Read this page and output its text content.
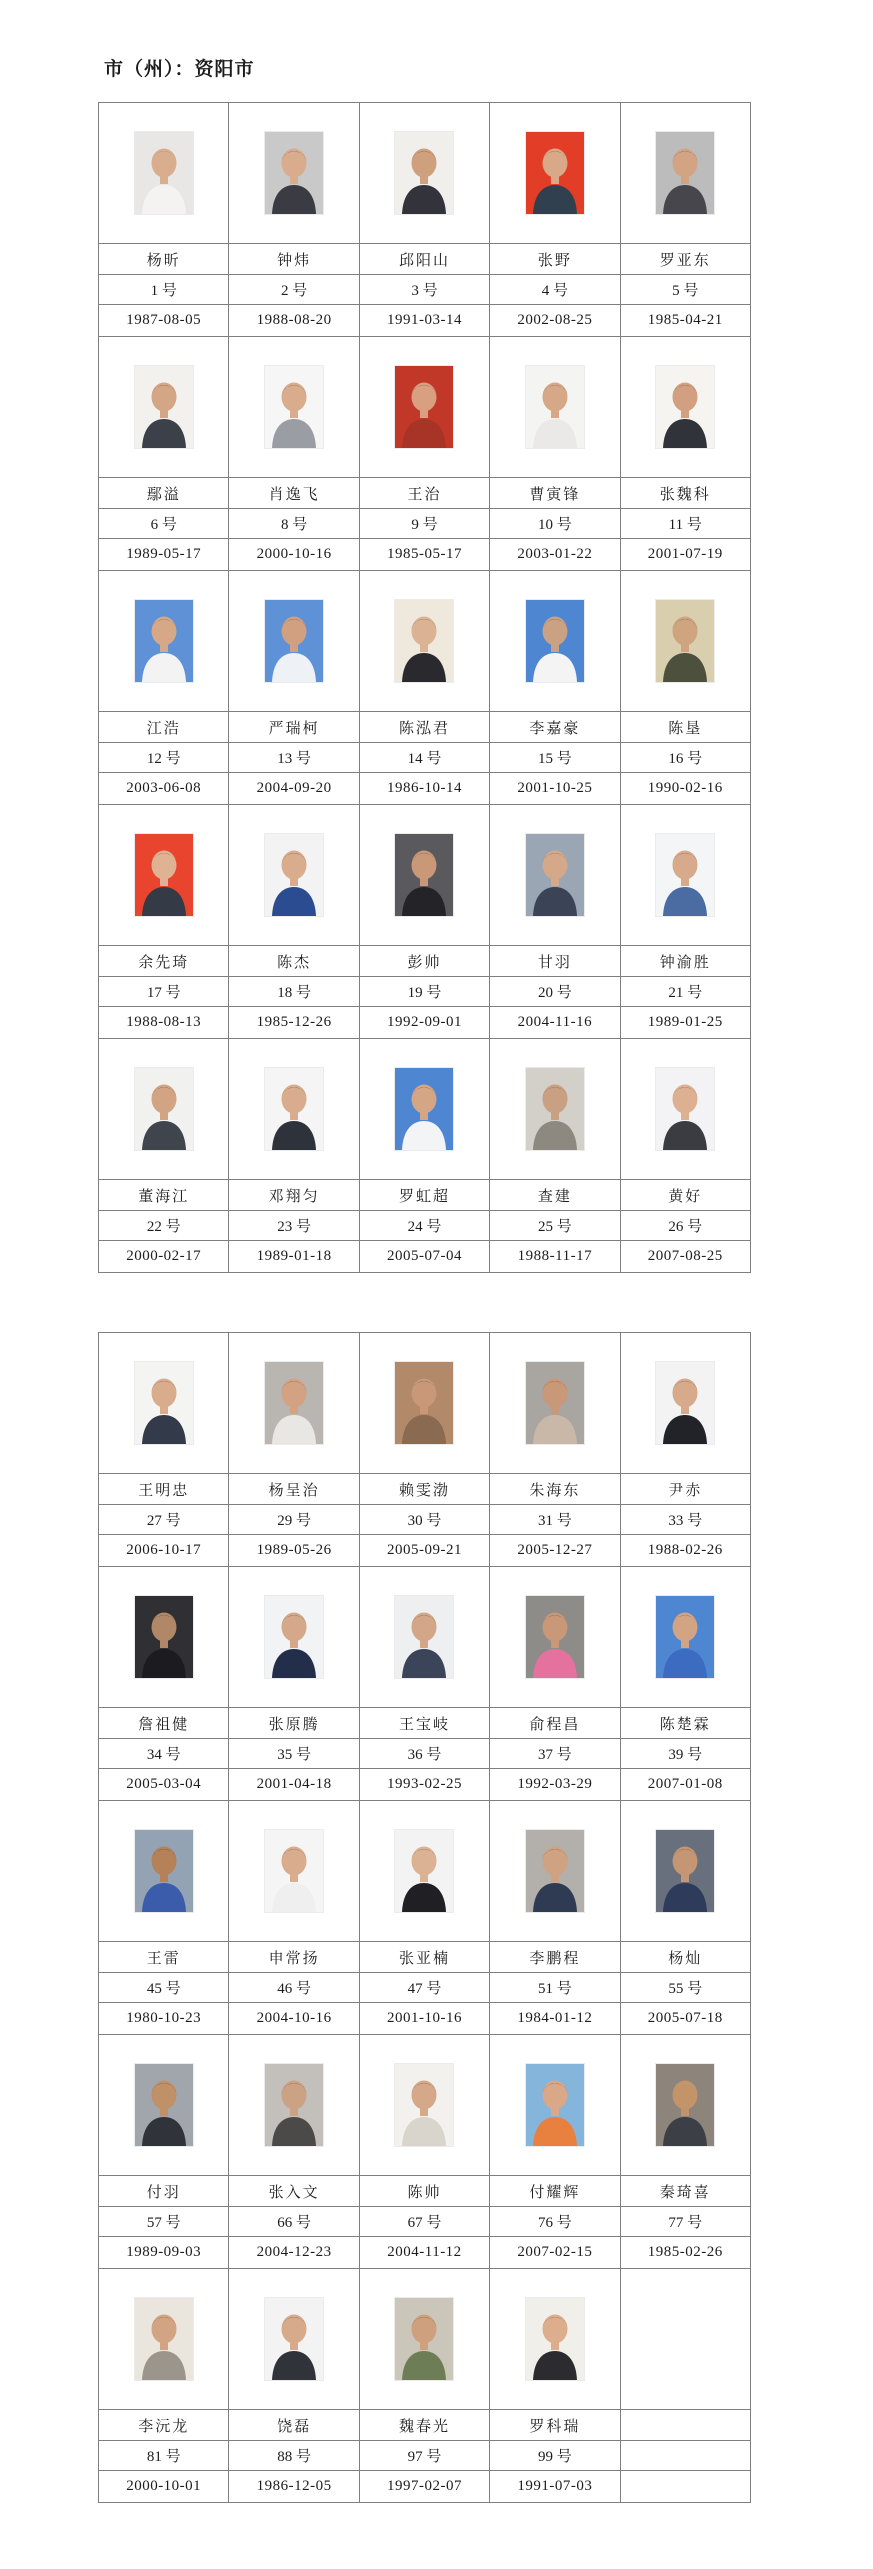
市（州）：资阳市

杨昕	钟炜	邱阳山	张野	罗亚东
1 号	2 号	3 号	4 号	5 号
1987-08-05	1988-08-20	1991-03-14	2002-08-25	1985-04-21

鄢溢	肖逸飞	王治	曹寅锋	张魏科
6 号	8 号	9 号	10 号	11 号
1989-05-17	2000-10-16	1985-05-17	2003-01-22	2001-07-19

江浩	严瑞柯	陈泓君	李嘉豪	陈垦
12 号	13 号	14 号	15 号	16 号
2003-06-08	2004-09-20	1986-10-14	2001-10-25	1990-02-16

余先琦	陈杰	彭帅	甘羽	钟渝胜
17 号	18 号	19 号	20 号	21 号
1988-08-13	1985-12-26	1992-09-01	2004-11-16	1989-01-25

董海江	邓翔匀	罗虹超	查建	黄好
22 号	23 号	24 号	25 号	26 号
2000-02-17	1989-01-18	2005-07-04	1988-11-17	2007-08-25

王明忠	杨呈治	赖雯渤	朱海东	尹赤
27 号	29 号	30 号	31 号	33 号
2006-10-17	1989-05-26	2005-09-21	2005-12-27	1988-02-26

詹祖健	张原腾	王宝岐	俞程昌	陈楚霖
34 号	35 号	36 号	37 号	39 号
2005-03-04	2001-04-18	1993-02-25	1992-03-29	2007-01-08

王雷	申常扬	张亚楠	李鹏程	杨灿
45 号	46 号	47 号	51 号	55 号
1980-10-23	2004-10-16	2001-10-16	1984-01-12	2005-07-18

付羽	张入文	陈帅	付耀辉	秦琦喜
57 号	66 号	67 号	76 号	77 号
1989-09-03	2004-12-23	2004-11-12	2007-02-15	1985-02-26

李沅龙	饶磊	魏春光	罗科瑞	
81 号	88 号	97 号	99 号	
2000-10-01	1986-12-05	1997-02-07	1991-07-03	
